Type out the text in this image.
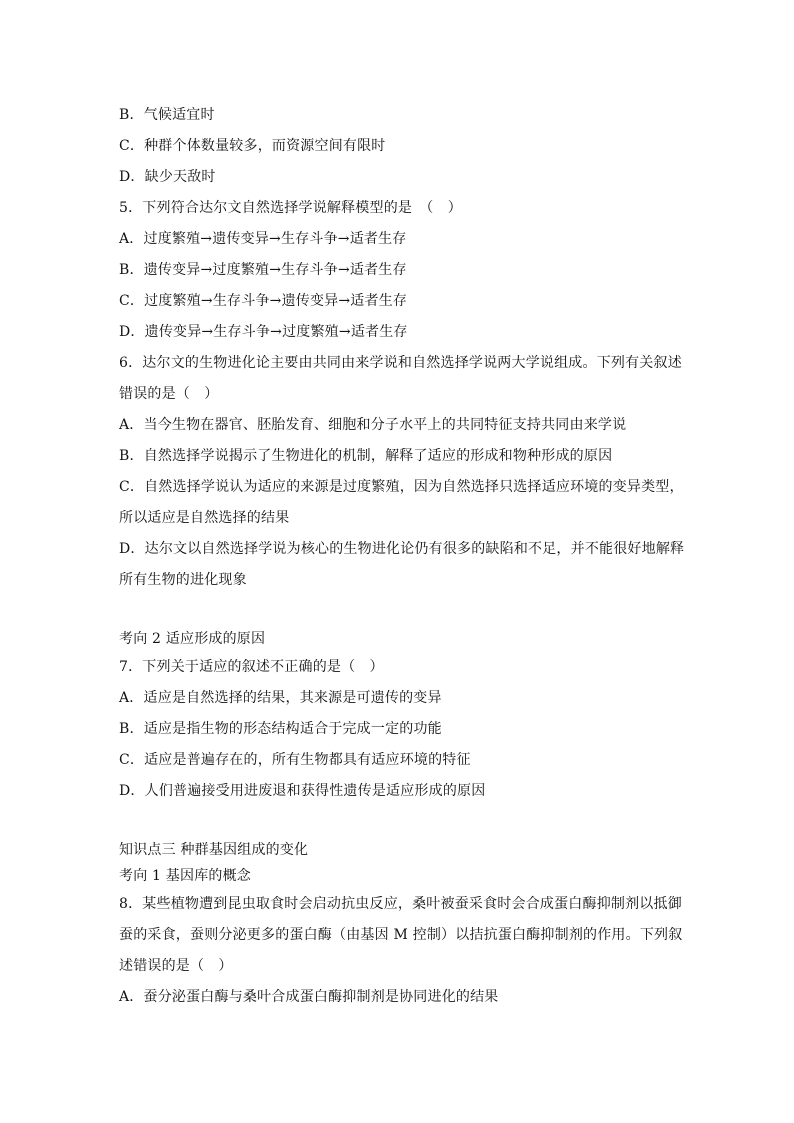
B．气候适宜时
C．种群个体数量较多，而资源空间有限时
D．缺少天敌时
5．下列符合达尔文自然选择学说解释模型的是　（　）
A．过度繁殖→遗传变异→生存斗争→适者生存
B．遗传变异→过度繁殖→生存斗争→适者生存
C．过度繁殖→生存斗争→遗传变异→适者生存
D．遗传变异→生存斗争→过度繁殖→适者生存
6．达尔文的生物进化论主要由共同由来学说和自然选择学说两大学说组成。下列有关叙述
错误的是（　）
A．当今生物在器官、胚胎发育、细胞和分子水平上的共同特征支持共同由来学说
B．自然选择学说揭示了生物进化的机制，解释了适应的形成和物种形成的原因
C．自然选择学说认为适应的来源是过度繁殖，因为自然选择只选择适应环境的变异类型，
所以适应是自然选择的结果
D．达尔文以自然选择学说为核心的生物进化论仍有很多的缺陷和不足，并不能很好地解释
所有生物的进化现象
考向 2 适应形成的原因
7．下列关于适应的叙述不正确的是（　）
A．适应是自然选择的结果，其来源是可遗传的变异
B．适应是指生物的形态结构适合于完成一定的功能
C．适应是普遍存在的，所有生物都具有适应环境的特征
D．人们普遍接受用进废退和获得性遗传是适应形成的原因
知识点三 种群基因组成的变化
考向 1 基因库的概念
8．某些植物遭到昆虫取食时会启动抗虫反应，桑叶被蚕采食时会合成蛋白酶抑制剂以抵御
蚕的采食，蚕则分泌更多的蛋白酶（由基因 M 控制）以拮抗蛋白酶抑制剂的作用。下列叙
述错误的是（　）
A．蚕分泌蛋白酶与桑叶合成蛋白酶抑制剂是协同进化的结果
